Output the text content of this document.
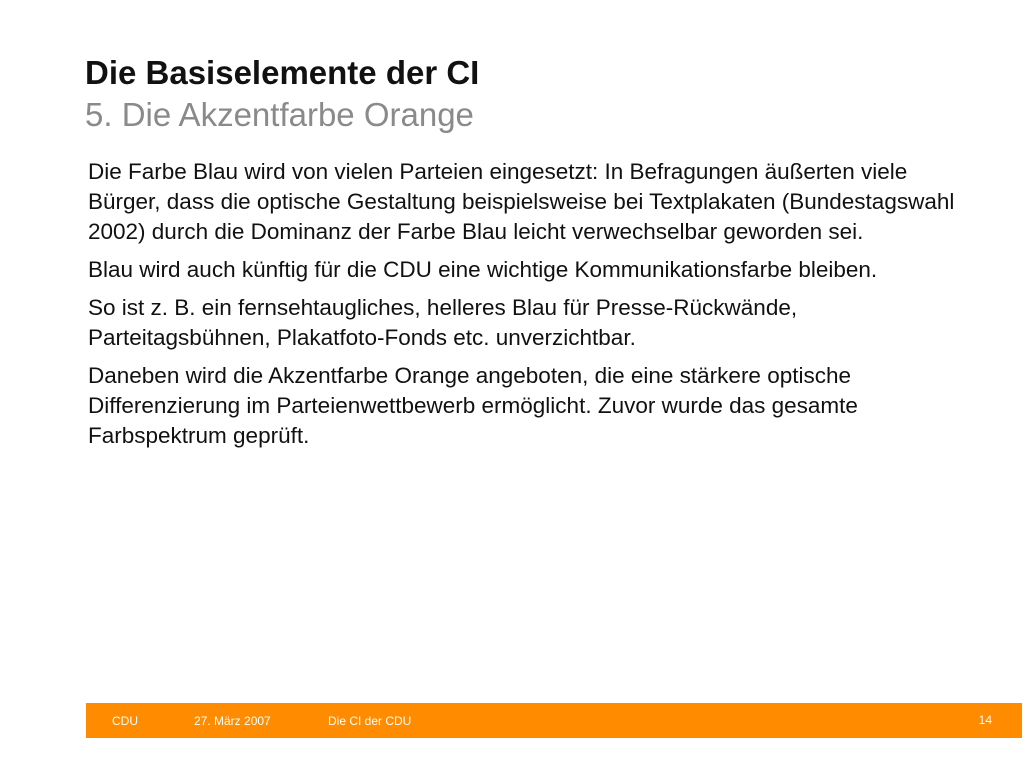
Die Basiselemente der CI
5. Die Akzentfarbe Orange

Die Farbe Blau wird von vielen Parteien eingesetzt: In Befragungen äußerten viele Bürger, dass die optische Gestaltung beispielsweise bei Textplakaten (Bundestagswahl 2002) durch die Dominanz der Farbe Blau leicht verwechselbar geworden sei.

Blau wird auch künftig für die CDU eine wichtige Kommunikationsfarbe bleiben.

So ist z. B. ein fernsehtaugliches, helleres Blau für Presse-Rückwände, Parteitagsbühnen, Plakatfoto-Fonds etc. unverzichtbar.

Daneben wird die Akzentfarbe Orange angeboten, die eine stärkere optische Differenzierung im Parteienwettbewerb ermöglicht. Zuvor wurde das gesamte Farbspektrum geprüft.

CDU	27. März 2007	Die CI der CDU	14
